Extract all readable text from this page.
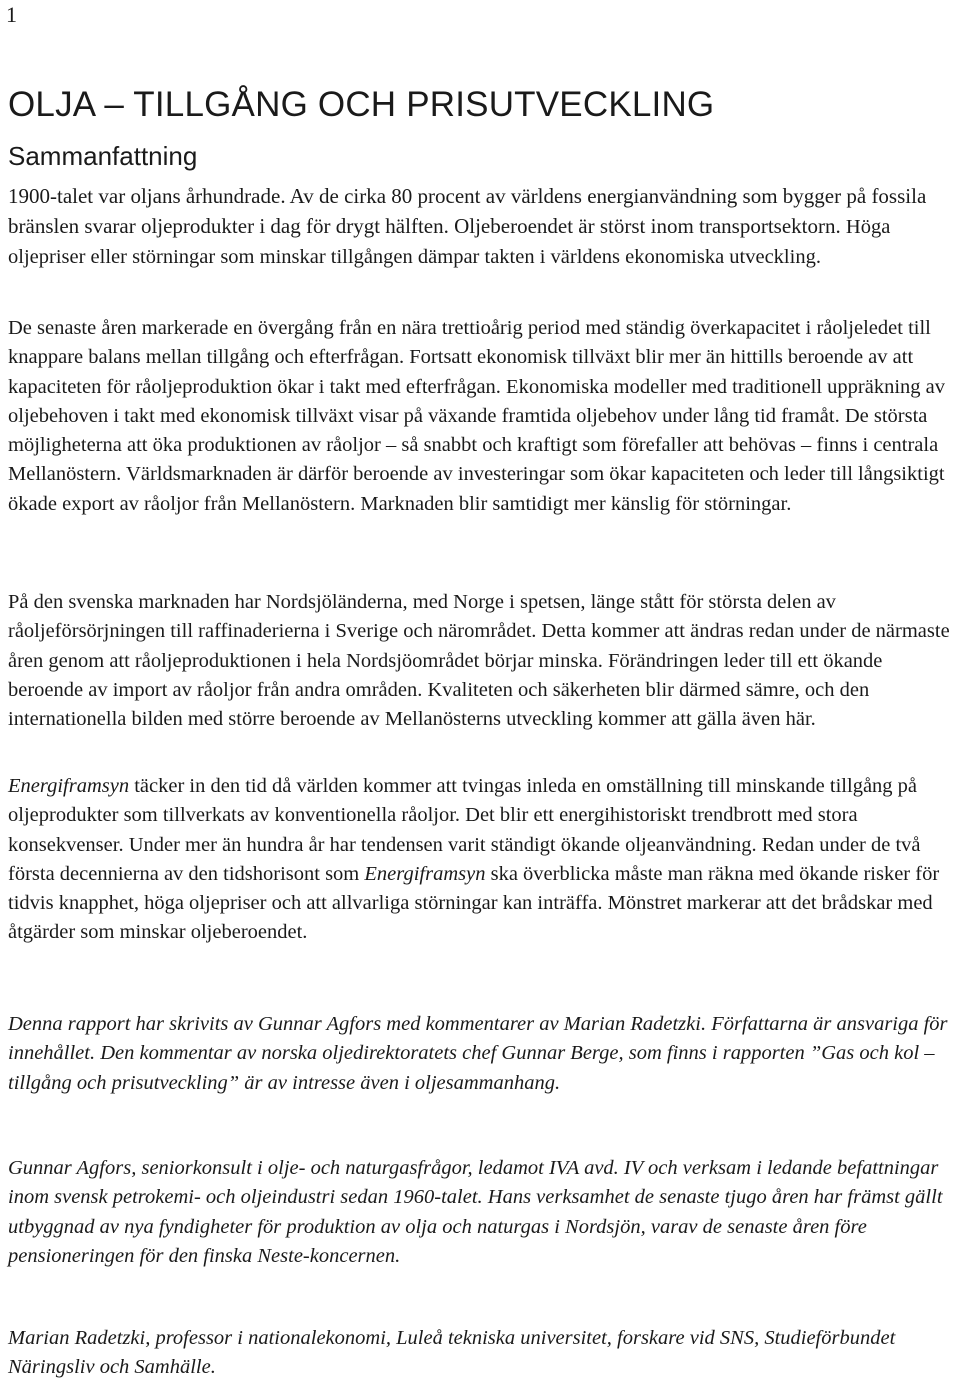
1
OLJA – TILLGÅNG OCH PRISUTVECKLING
Sammanfattning

1900-talet var oljans århundrade. Av de cirka 80 procent av världens energianvändning som bygger på fossila bränslen svarar oljeprodukter i dag för drygt hälften. Oljeberoendet är störst inom transportsektorn. Höga oljepriser eller störningar som minskar tillgången dämpar takten i världens ekonomiska utveckling.

De senaste åren markerade en övergång från en nära trettioårig period med ständig överkapacitet i råoljeledet till knappare balans mellan tillgång och efterfrågan. Fortsatt ekonomisk tillväxt blir mer än hittills beroende av att kapaciteten för råoljeproduktion ökar i takt med efterfrågan. Ekonomiska modeller med traditionell uppräkning av oljebehoven i takt med ekonomisk tillväxt visar på växande framtida oljebehov under lång tid framåt. De största möjligheterna att öka produktionen av råoljor – så snabbt och kraftigt som förefaller att behövas – finns i centrala Mellanöstern. Världsmarknaden är därför beroende av investeringar som ökar kapaciteten och leder till långsiktigt ökade export av råoljor från Mellanöstern. Marknaden blir samtidigt mer känslig för störningar.

På den svenska marknaden har Nordsjöländerna, med Norge i spetsen, länge stått för största delen av råoljeförsörjningen till raffinaderierna i Sverige och närområdet. Detta kommer att ändras redan under de närmaste åren genom att råoljeproduktionen i hela Nordsjöområdet börjar minska. Förändringen leder till ett ökande beroende av import av råoljor från andra områden. Kvaliteten och säkerheten blir därmed sämre, och den internationella bilden med större beroende av Mellanösterns utveckling kommer att gälla även här.

Energiframsyn täcker in den tid då världen kommer att tvingas inleda en omställning till minskande tillgång på oljeprodukter som tillverkats av konventionella råoljor. Det blir ett energihistoriskt trendbrott med stora konsekvenser. Under mer än hundra år har tendensen varit ständigt ökande oljeanvändning. Redan under de två första decennierna av den tidshorisont som Energiframsyn ska överblicka måste man räkna med ökande risker för tidvis knapphet, höga oljepriser och att allvarliga störningar kan inträffa. Mönstret markerar att det brådskar med åtgärder som minskar oljeberoendet.

Denna rapport har skrivits av Gunnar Agfors med kommentarer av Marian Radetzki. Författarna är ansvariga för innehållet. Den kommentar av norska oljedirektoratets chef Gunnar Berge, som finns i rapporten ”Gas och kol – tillgång och prisutveckling” är av intresse även i oljesammanhang.

Gunnar Agfors, seniorkonsult i olje- och naturgasfrågor, ledamot IVA avd. IV och verksam i ledande befattningar inom svensk petrokemi- och oljeindustri sedan 1960-talet. Hans verksamhet de senaste tjugo åren har främst gällt utbyggnad av nya fyndigheter för produktion av olja och naturgas i Nordsjön, varav de senaste åren före pensioneringen för den finska Neste-koncernen.

Marian Radetzki, professor i nationalekonomi, Luleå tekniska universitet, forskare vid SNS, Studieförbundet Näringsliv och Samhälle.
